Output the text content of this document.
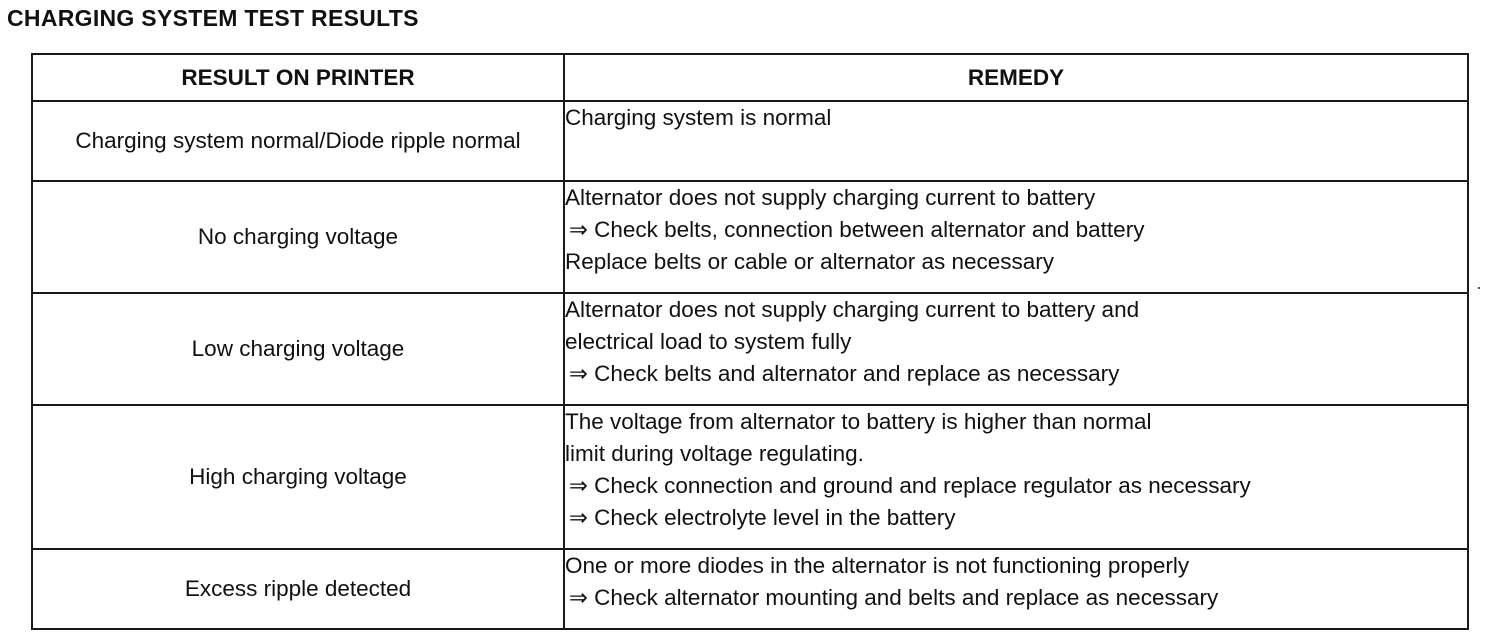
CHARGING SYSTEM TEST RESULTS
RESULT ON PRINTER	REMEDY
Charging system normal/Diode ripple normal	Charging system is normal

No charging voltage	Alternator does not supply charging current to battery
⇒ Check belts, connection between alternator and battery
Replace belts or cable or alternator as necessary

Low charging voltage	Alternator does not supply charging current to battery and
electrical load to system fully
⇒ Check belts and alternator and replace as necessary

High charging voltage	The voltage from alternator to battery is higher than normal
limit during voltage regulating.
⇒ Check connection and ground and replace regulator as necessary
⇒ Check electrolyte level in the battery

Excess ripple detected	One or more diodes in the alternator is not functioning properly
⇒ Check alternator mounting and belts and replace as necessary
